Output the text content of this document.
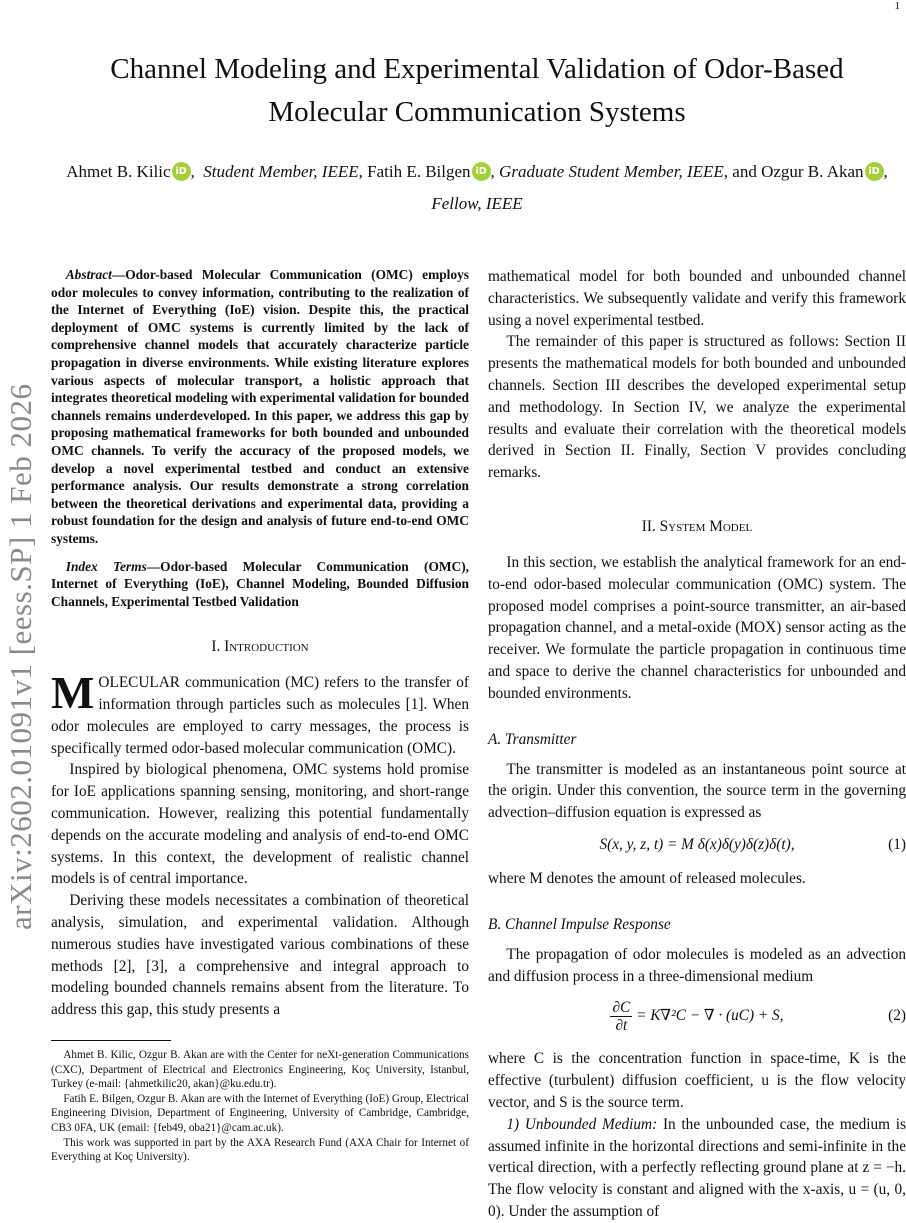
1
arXiv:2602.01091v1 [eess.SP] 1 Feb 2026
Channel Modeling and Experimental Validation of Odor-Based Molecular Communication Systems
Ahmet B. Kilic iD ,  Student Member, IEEE, Fatih E. Bilgen iD , Graduate Student Member, IEEE, and Ozgur B. Akan iD , Fellow, IEEE

Abstract—Odor-based Molecular Communication (OMC) employs odor molecules to convey information, contributing to the realization of the Internet of Everything (IoE) vision. Despite this, the practical deployment of OMC systems is currently limited by the lack of comprehensive channel models that accurately characterize particle propagation in diverse environments. While existing literature explores various aspects of molecular transport, a holistic approach that integrates theoretical modeling with experimental validation for bounded channels remains underdeveloped. In this paper, we address this gap by proposing mathematical frameworks for both bounded and unbounded OMC channels. To verify the accuracy of the proposed models, we develop a novel experimental testbed and conduct an extensive performance analysis. Our results demonstrate a strong correlation between the theoretical derivations and experimental data, providing a robust foundation for the design and analysis of future end-to-end OMC systems.

Index Terms—Odor-based Molecular Communication (OMC), Internet of Everything (IoE), Channel Modeling, Bounded Diffusion Channels, Experimental Testbed Validation

I. Introduction

MOLECULAR communication (MC) refers to the transfer of information through particles such as molecules [1]. When odor molecules are employed to carry messages, the process is specifically termed odor-based molecular communication (OMC).

Inspired by biological phenomena, OMC systems hold promise for IoE applications spanning sensing, monitoring, and short-range communication. However, realizing this potential fundamentally depends on the accurate modeling and analysis of end-to-end OMC systems. In this context, the development of realistic channel models is of central importance.

Deriving these models necessitates a combination of theoretical analysis, simulation, and experimental validation. Although numerous studies have investigated various combinations of these methods [2], [3], a comprehensive and integral approach to modeling bounded channels remains absent from the literature. To address this gap, this study presents a

Ahmet B. Kilic, Ozgur B. Akan are with the Center for neXt-generation Communications (CXC), Department of Electrical and Electronics Engineering, Koç University, Istanbul, Turkey (e-mail: {ahmetkilic20, akan}@ku.edu.tr).

Fatih E. Bilgen, Ozgur B. Akan are with the Internet of Everything (IoE) Group, Electrical Engineering Division, Department of Engineering, University of Cambridge, Cambridge, CB3 0FA, UK (email: {feb49, oba21}@cam.ac.uk).

This work was supported in part by the AXA Research Fund (AXA Chair for Internet of Everything at Koç University).

mathematical model for both bounded and unbounded channel characteristics. We subsequently validate and verify this framework using a novel experimental testbed.

The remainder of this paper is structured as follows: Section II presents the mathematical models for both bounded and unbounded channels. Section III describes the developed experimental setup and methodology. In Section IV, we analyze the experimental results and evaluate their correlation with the theoretical models derived in Section II. Finally, Section V provides concluding remarks.

II. System Model

In this section, we establish the analytical framework for an end-to-end odor-based molecular communication (OMC) system. The proposed model comprises a point-source transmitter, an air-based propagation channel, and a metal-oxide (MOX) sensor acting as the receiver. We formulate the particle propagation in continuous time and space to derive the channel characteristics for unbounded and bounded environments.

A. Transmitter

The transmitter is modeled as an instantaneous point source at the origin. Under this convention, the source term in the governing advection–diffusion equation is expressed as

S(x, y, z, t) = M δ(x)δ(y)δ(z)δ(t),	(1)

where M denotes the amount of released molecules.

B. Channel Impulse Response

The propagation of odor molecules is modeled as an advection and diffusion process in a three-dimensional medium

$\frac{\partial C}{\partial t} = K\nabla^2C$ − ∇ · (uC) + S,	(2)

where C is the concentration function in space-time, K is the effective (turbulent) diffusion coefficient, u is the flow velocity vector, and S is the source term.

1) Unbounded Medium: In the unbounded case, the medium is assumed infinite in the horizontal directions and semi-infinite in the vertical direction, with a perfectly reflecting ground plane at z = −h. The flow velocity is constant and aligned with the x-axis, u = (u, 0, 0). Under the assumption of
